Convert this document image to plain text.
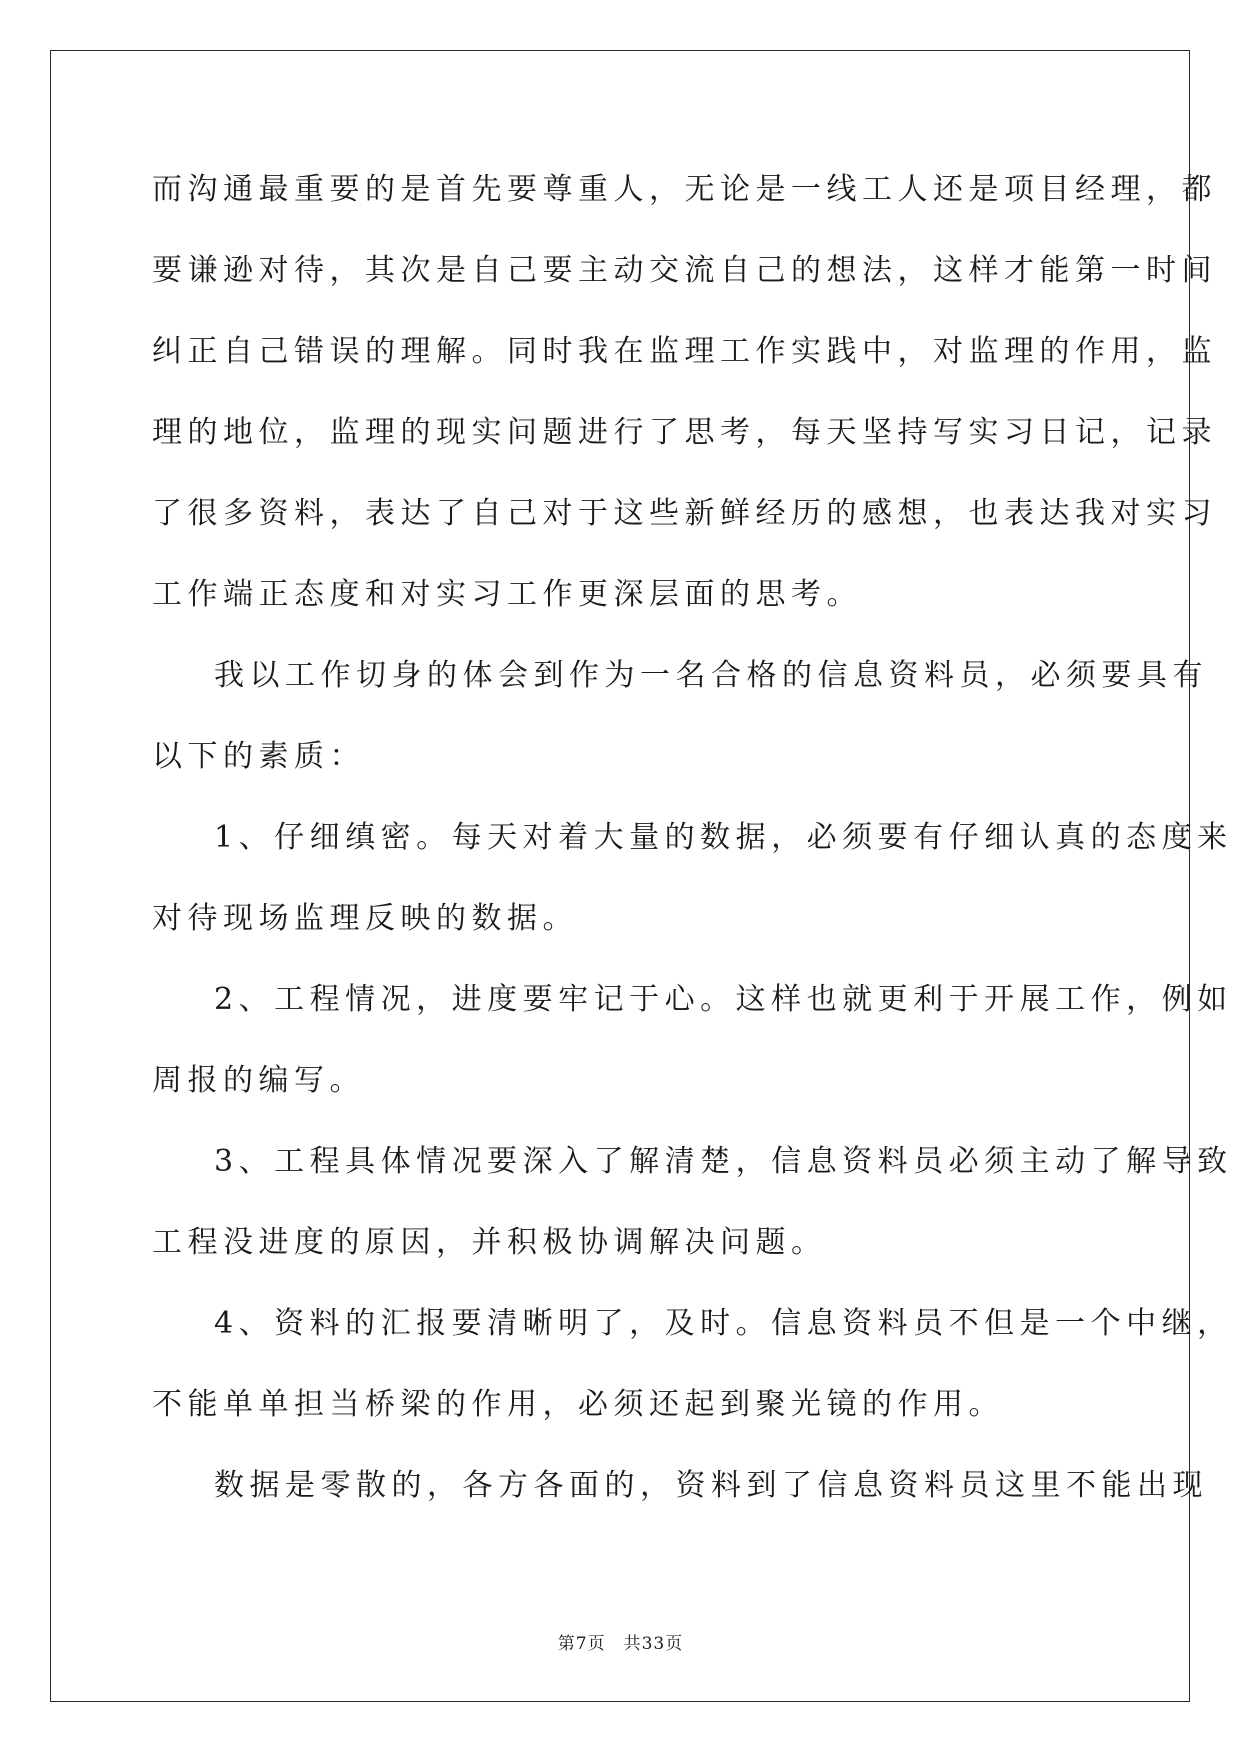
而沟通最重要的是首先要尊重人，无论是一线工人还是项目经理，都

要谦逊对待，其次是自己要主动交流自己的想法，这样才能第一时间

纠正自己错误的理解。同时我在监理工作实践中，对监理的作用，监

理的地位，监理的现实问题进行了思考，每天坚持写实习日记，记录

了很多资料，表达了自己对于这些新鲜经历的感想，也表达我对实习

工作端正态度和对实习工作更深层面的思考。

我以工作切身的体会到作为一名合格的信息资料员，必须要具有

以下的素质：

1、仔细缜密。每天对着大量的数据，必须要有仔细认真的态度来

对待现场监理反映的数据。

2、工程情况，进度要牢记于心。这样也就更利于开展工作，例如

周报的编写。

3、工程具体情况要深入了解清楚，信息资料员必须主动了解导致

工程没进度的原因，并积极协调解决问题。

4、资料的汇报要清晰明了，及时。信息资料员不但是一个中继，

不能单单担当桥梁的作用，必须还起到聚光镜的作用。

数据是零散的，各方各面的，资料到了信息资料员这里不能出现

第7页　共33页
